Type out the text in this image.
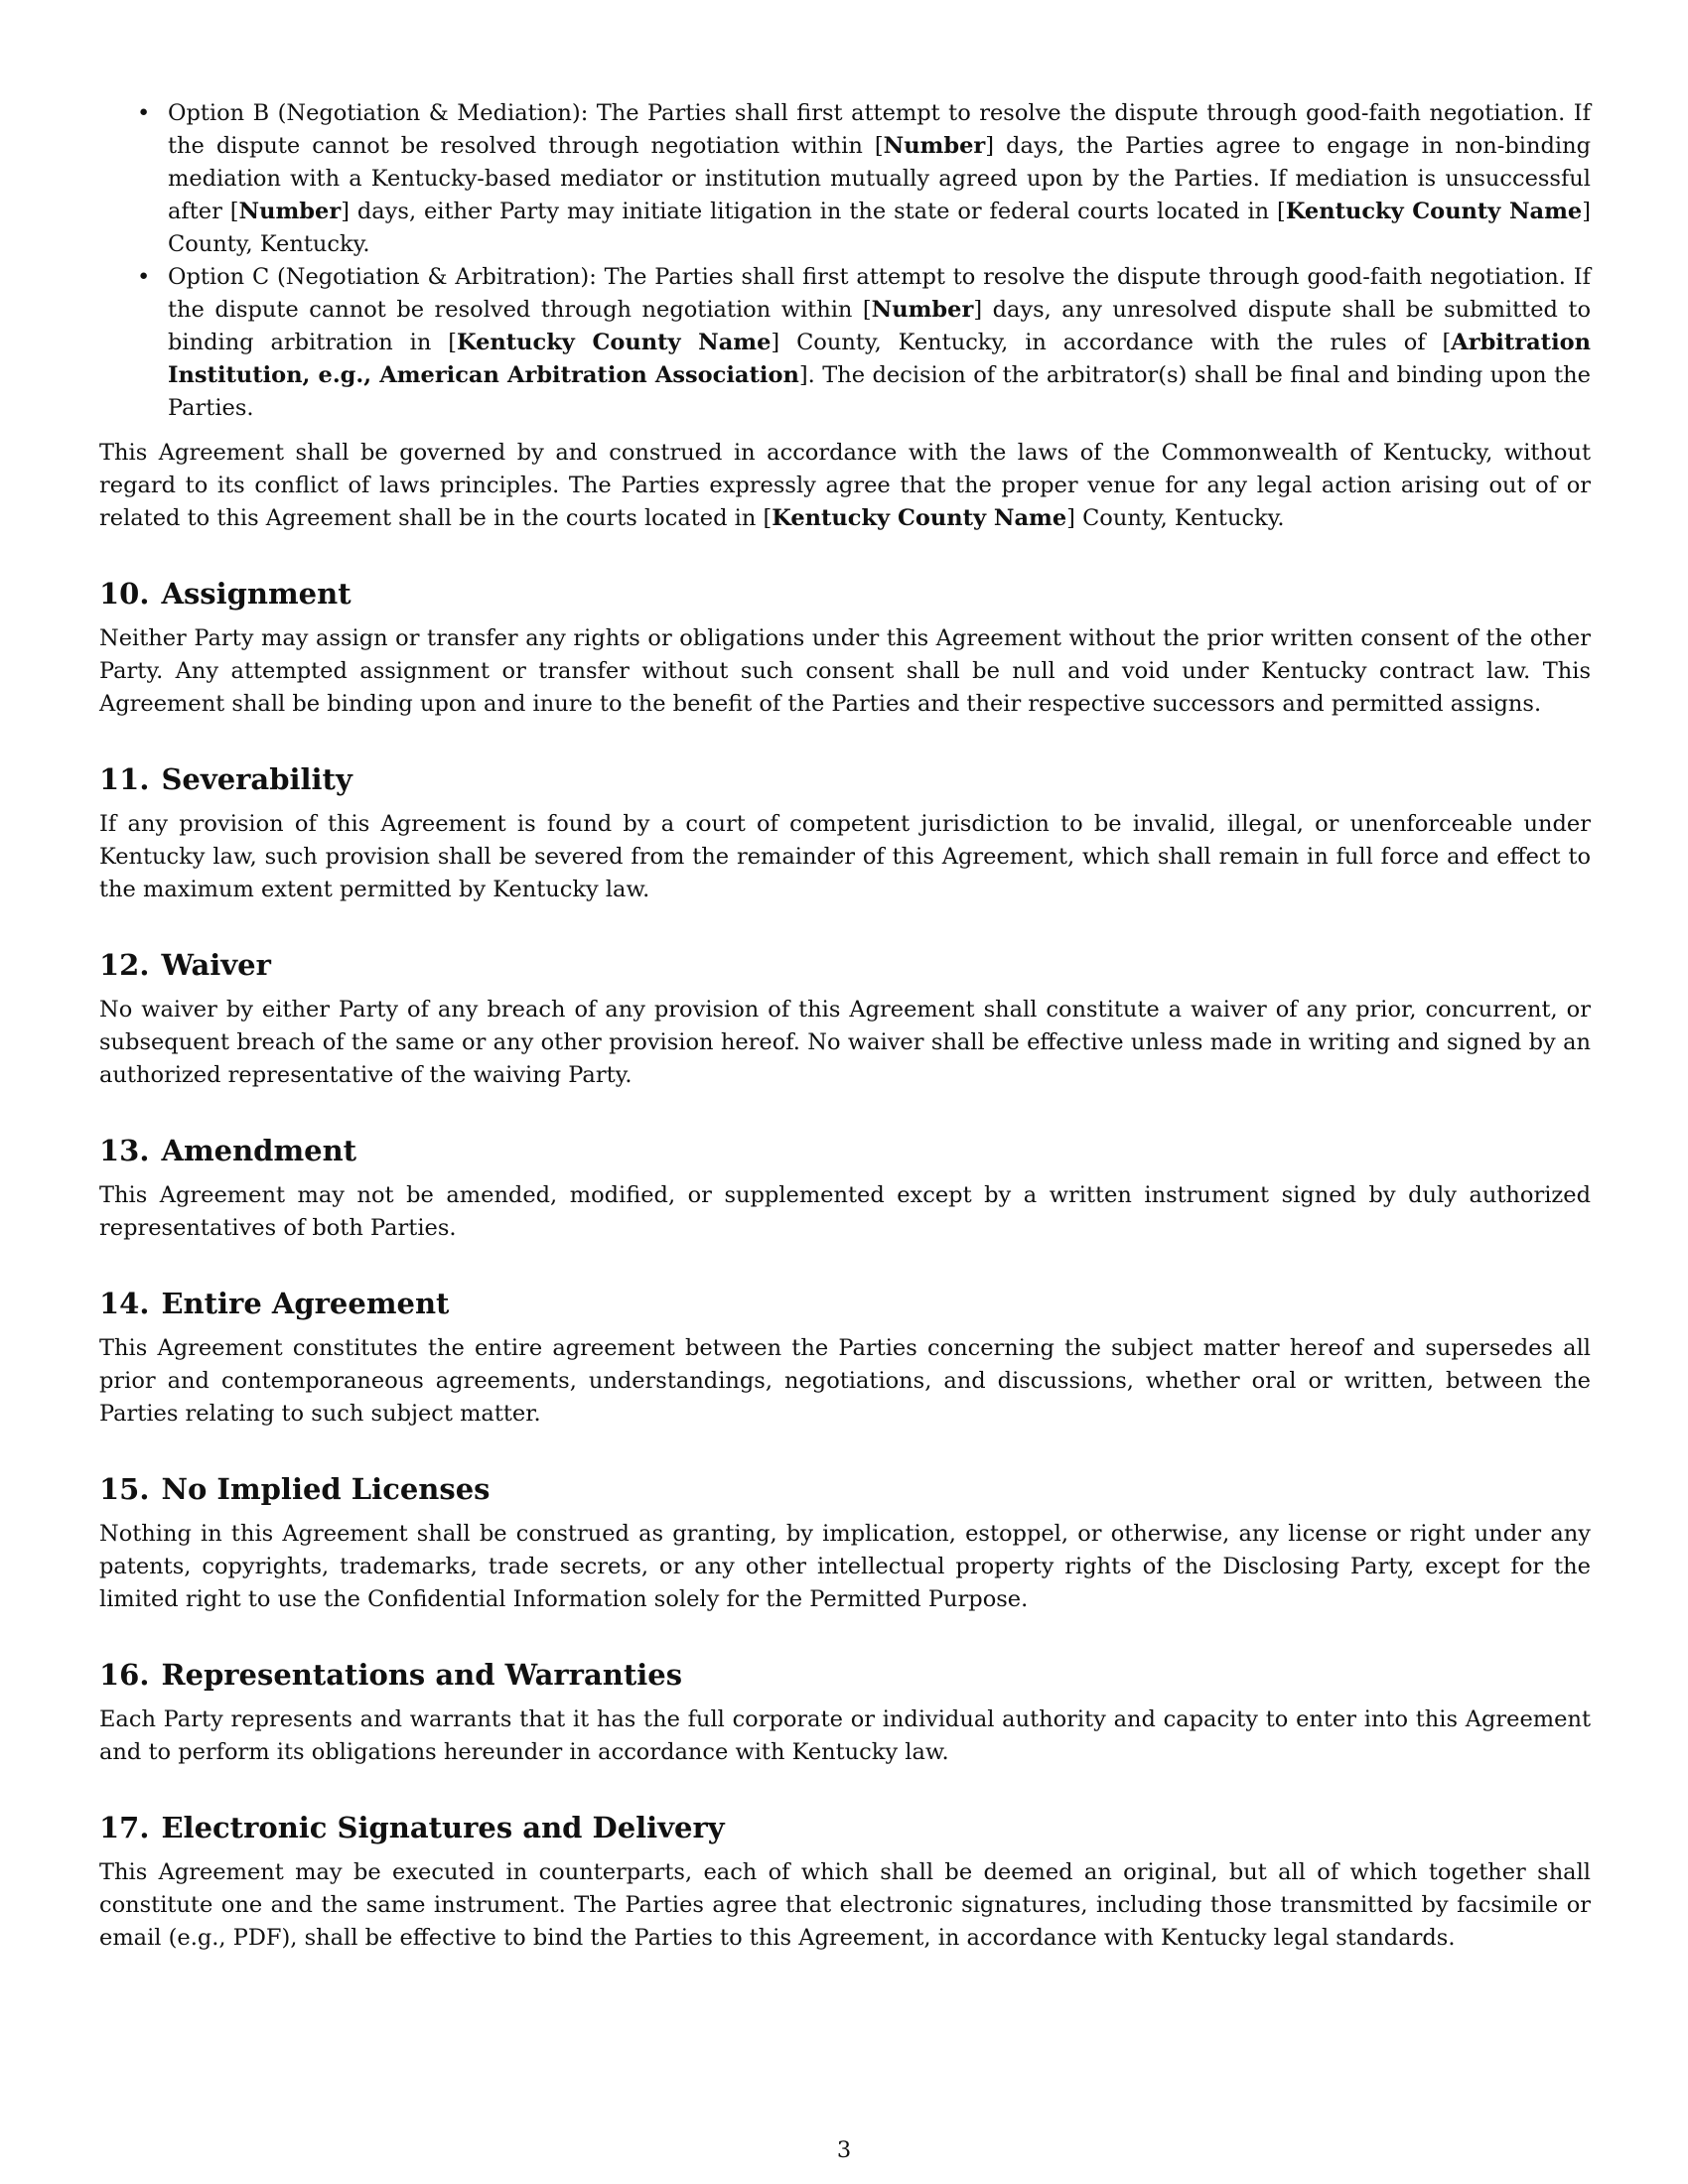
• Option B (Negotiation & Mediation): The Parties shall first attempt to resolve the dispute through good-faith negotiation. If the dispute cannot be resolved through negotiation within [Number] days, the Parties agree to engage in non-binding mediation with a Kentucky-based mediator or institution mutually agreed upon by the Parties. If mediation is unsuccessful after [Number] days, either Party may initiate litigation in the state or federal courts located in [Kentucky County Name] County, Kentucky.
• Option C (Negotiation & Arbitration): The Parties shall first attempt to resolve the dispute through good-faith negotiation. If the dispute cannot be resolved through negotiation within [Number] days, any unresolved dispute shall be submitted to binding arbitration in [Kentucky County Name] County, Kentucky, in accordance with the rules of [Arbitration Institution, e.g., American Arbitration Association]. The decision of the arbitrator(s) shall be final and binding upon the Parties.

This Agreement shall be governed by and construed in accordance with the laws of the Commonwealth of Kentucky, without regard to its conflict of laws principles. The Parties expressly agree that the proper venue for any legal action arising out of or related to this Agreement shall be in the courts located in [Kentucky County Name] County, Kentucky.

10. Assignment

Neither Party may assign or transfer any rights or obligations under this Agreement without the prior written consent of the other Party. Any attempted assignment or transfer without such consent shall be null and void under Kentucky contract law. This Agreement shall be binding upon and inure to the benefit of the Parties and their respective successors and permitted assigns.

11. Severability

If any provision of this Agreement is found by a court of competent jurisdiction to be invalid, illegal, or unenforceable under Kentucky law, such provision shall be severed from the remainder of this Agreement, which shall remain in full force and effect to the maximum extent permitted by Kentucky law.

12. Waiver

No waiver by either Party of any breach of any provision of this Agreement shall constitute a waiver of any prior, concurrent, or subsequent breach of the same or any other provision hereof. No waiver shall be effective unless made in writing and signed by an authorized representative of the waiving Party.

13. Amendment

This Agreement may not be amended, modified, or supplemented except by a written instrument signed by duly authorized representatives of both Parties.

14. Entire Agreement

This Agreement constitutes the entire agreement between the Parties concerning the subject matter hereof and supersedes all prior and contemporaneous agreements, understandings, negotiations, and discussions, whether oral or written, between the Parties relating to such subject matter.

15. No Implied Licenses

Nothing in this Agreement shall be construed as granting, by implication, estoppel, or otherwise, any license or right under any patents, copyrights, trademarks, trade secrets, or any other intellectual property rights of the Disclosing Party, except for the limited right to use the Confidential Information solely for the Permitted Purpose.

16. Representations and Warranties

Each Party represents and warrants that it has the full corporate or individual authority and capacity to enter into this Agreement and to perform its obligations hereunder in accordance with Kentucky law.

17. Electronic Signatures and Delivery

This Agreement may be executed in counterparts, each of which shall be deemed an original, but all of which together shall constitute one and the same instrument. The Parties agree that electronic signatures, including those transmitted by facsimile or email (e.g., PDF), shall be effective to bind the Parties to this Agreement, in accordance with Kentucky legal standards.

3
